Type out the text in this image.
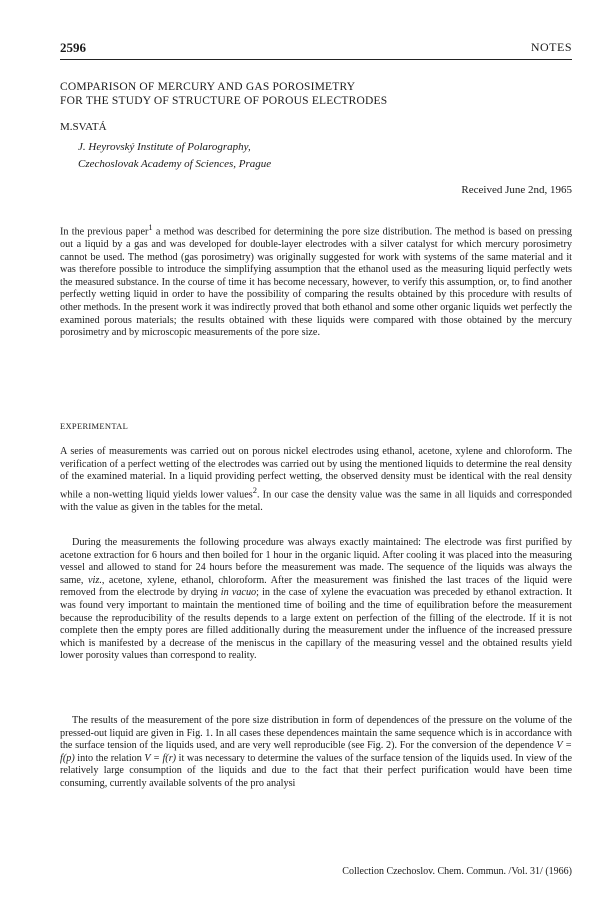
2596	NOTES
COMPARISON OF MERCURY AND GAS POROSIMETRY
FOR THE STUDY OF STRUCTURE OF POROUS ELECTRODES
M.SVATÁ
J. Heyrovský Institute of Polarography,
Czechoslovak Academy of Sciences, Prague
Received June 2nd, 1965

In the previous paper$^1$ a method was described for determining the pore size distribution. The method is based on pressing out a liquid by a gas and was developed for double-layer electrodes with a silver catalyst for which mercury porosimetry cannot be used. The method (gas porosimetry) was originally suggested for work with systems of the same material and it was therefore possible to introduce the simplifying assumption that the ethanol used as the measuring liquid perfectly wets the measured substance. In the course of time it has become necessary, however, to verify this assumption, or, to find another perfectly wetting liquid in order to have the possibility of comparing the results obtained by this procedure with results of other methods. In the present work it was indirectly proved that both ethanol and some other organic liquids wet perfectly the examined porous materials; the results obtained with these liquids were compared with those obtained by the mercury porosimetry and by microscopic measurements of the pore size.

EXPERIMENTAL

A series of measurements was carried out on porous nickel electrodes using ethanol, acetone, xylene and chloroform. The verification of a perfect wetting of the electrodes was carried out by using the mentioned liquids to determine the real density of the examined material. In a liquid providing perfect wetting, the observed density must be identical with the real density while a non-wetting liquid yields lower values$^2$. In our case the density value was the same in all liquids and corresponded with the value as given in the tables for the metal.

During the measurements the following procedure was always exactly maintained: The electrode was first purified by acetone extraction for 6 hours and then boiled for 1 hour in the organic liquid. After cooling it was placed into the measuring vessel and allowed to stand for 24 hours before the measurement was made. The sequence of the liquids was always the same, viz., acetone, xylene, ethanol, chloroform. After the measurement was finished the last traces of the liquid were removed from the electrode by drying in vacuo; in the case of xylene the evacuation was preceded by ethanol extraction. It was found very important to maintain the mentioned time of boiling and the time of equilibration before the measurement because the reproducibility of the results depends to a large extent on perfection of the filling of the electrode. If it is not complete then the empty pores are filled additionally during the measurement under the influence of the increased pressure which is manifested by a decrease of the meniscus in the capillary of the measuring vessel and the obtained results yield lower porosity values than correspond to reality.

The results of the measurement of the pore size distribution in form of dependences of the pressure on the volume of the pressed-out liquid are given in Fig. 1. In all cases these dependences maintain the same sequence which is in accordance with the surface tension of the liquids used, and are very well reproducible (see Fig. 2). For the conversion of the dependence V = f(p) into the relation V = f(r) it was necessary to determine the values of the surface tension of the liquids used. In view of the relatively large consumption of the liquids and due to the fact that their perfect purification would have been time consuming, currently available solvents of the pro analysi

Collection Czechoslov. Chem. Commun. /Vol. 31/ (1966)
